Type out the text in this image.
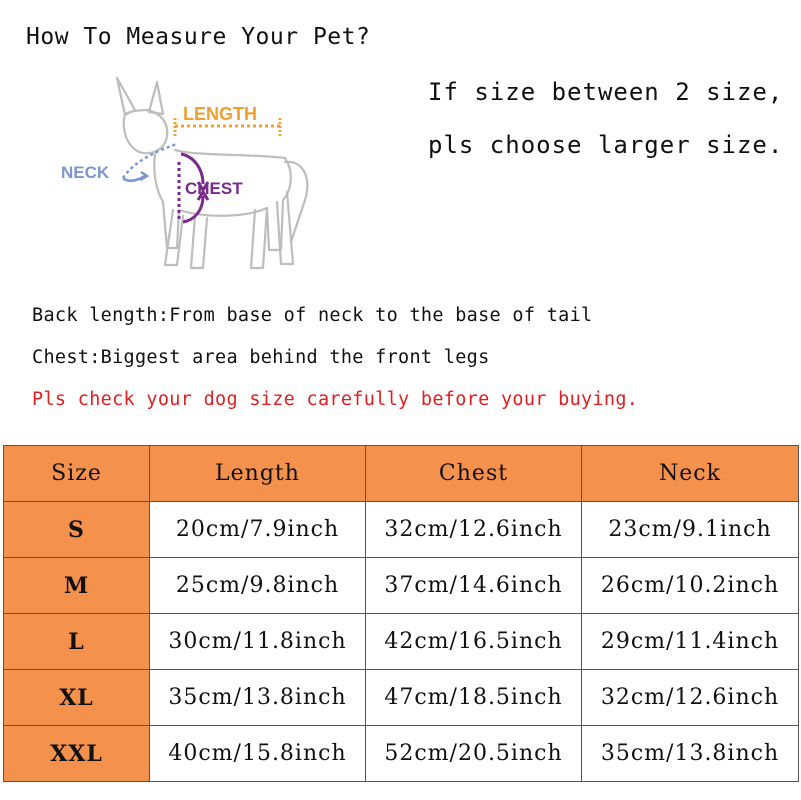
How To Measure Your Pet?
If size between 2 size,
pls choose larger size.
LENGTH
NECK
CHEST
Back length:From base of neck to the base of tail
Chest:Biggest area behind the front legs
Pls check your dog size carefully before your buying.
Size	Length	Chest	Neck
S	20cm/7.9inch	32cm/12.6inch	23cm/9.1inch
M	25cm/9.8inch	37cm/14.6inch	26cm/10.2inch
L	30cm/11.8inch	42cm/16.5inch	29cm/11.4inch
XL	35cm/13.8inch	47cm/18.5inch	32cm/12.6inch
XXL	40cm/15.8inch	52cm/20.5inch	35cm/13.8inch
